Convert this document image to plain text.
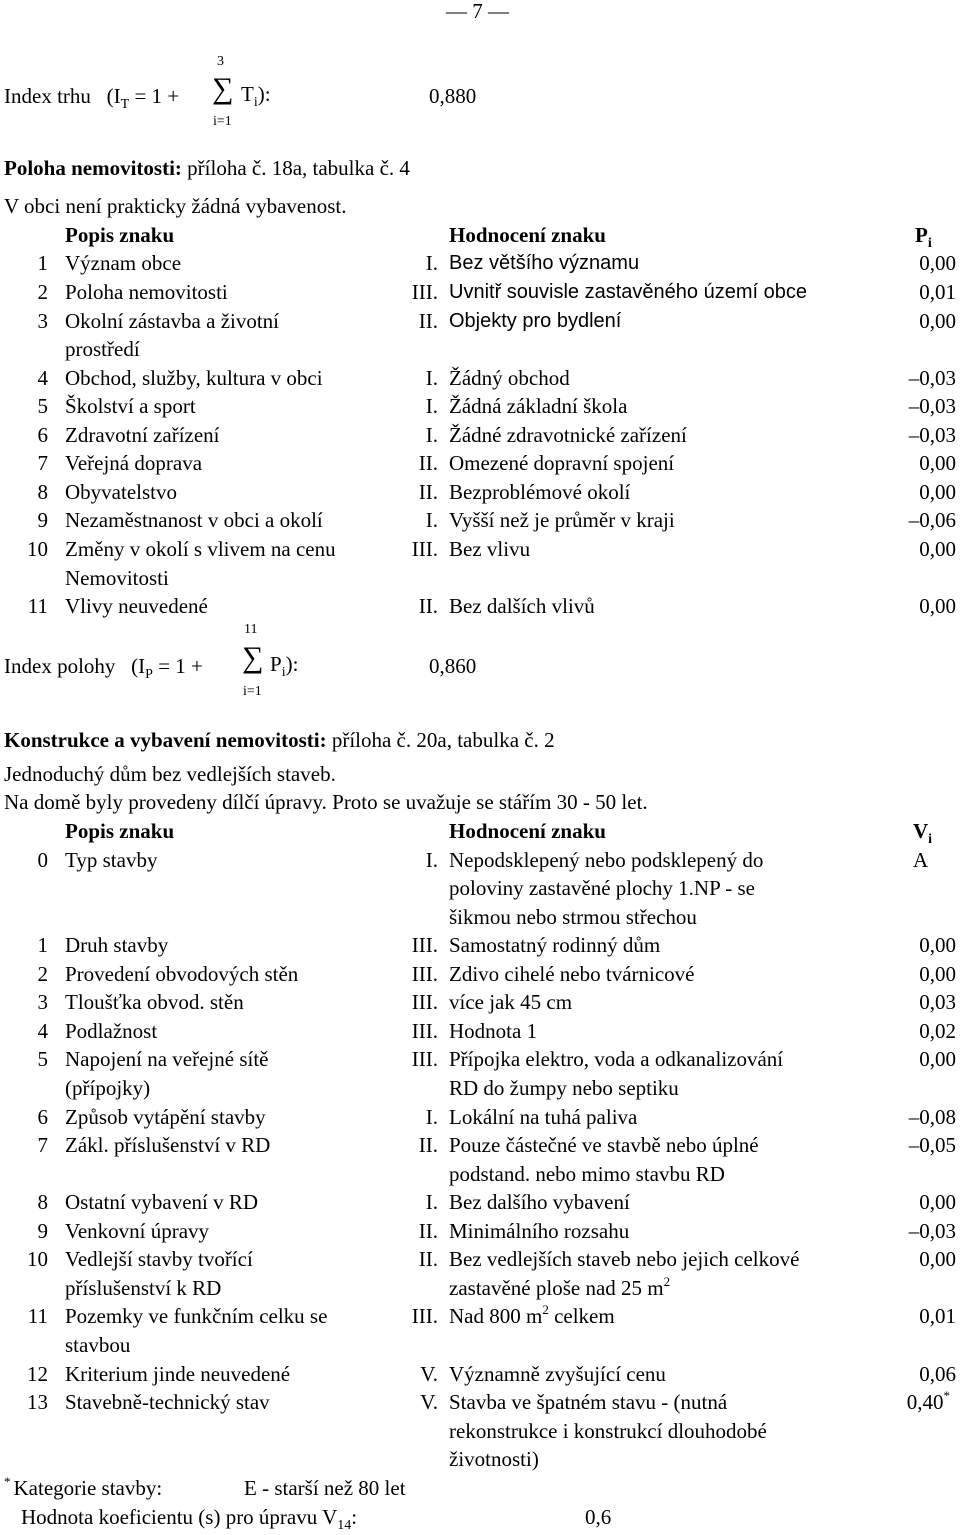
— 7 —
3
∑
i=1
Index trhu   ($I_T = 1$ +	$T_i$):	0,880
Poloha nemovitosti: příloha č. 18a, tabulka č. 4
V obci není prakticky žádná vybavenost.
Popis znaku	Hodnocení znaku	$P_i$
1 Význam obce	I. Bez většího významu	0,00
2 Poloha nemovitosti	III. Uvnitř souvisle zastavěného území obce	0,01
3 Okolní zástavba a životní	II. Objekty pro bydlení	0,00
prostředí
4 Obchod, služby, kultura v obci	I. Žádný obchod	–0,03
5 Školství a sport	I. Žádná základní škola	–0,03
6 Zdravotní zařízení	I. Žádné zdravotnické zařízení	–0,03
7 Veřejná doprava	II. Omezené dopravní spojení	0,00
8 Obyvatelstvo	II. Bezproblémové okolí	0,00
9 Nezaměstnanost v obci a okolí	I. Vyšší než je průměr v kraji	–0,06
10 Změny v okolí s vlivem na cenu	III. Bez vlivu	0,00
Nemovitosti
11 Vlivy neuvedené	II. Bez dalších vlivů	0,00
11
∑
i=1
Index polohy   ($I_P = 1$ +	$P_i$):	0,860
Konstrukce a vybavení nemovitosti: příloha č. 20a, tabulka č. 2
Jednoduchý dům bez vedlejších staveb.
Na domě byly provedeny dílčí úpravy. Proto se uvažuje se stářím 30 - 50 let.
Popis znaku	Hodnocení znaku	$V_i$
0 Typ stavby	I. Nepodsklepený nebo podsklepený do	A
poloviny zastavěné plochy 1.NP - se
šikmou nebo strmou střechou
1 Druh stavby	III. Samostatný rodinný dům	0,00
2 Provedení obvodových stěn	III. Zdivo cihelé nebo tvárnicové	0,00
3 Tloušťka obvod. stěn	III. více jak 45 cm	0,03
4 Podlažnost	III. Hodnota 1	0,02
5 Napojení na veřejné sítě	III. Přípojka elektro, voda a odkanalizování	0,00
(přípojky)	RD do žumpy nebo septiku
6 Způsob vytápění stavby	I. Lokální na tuhá paliva	–0,08
7 Zákl. příslušenství v RD	II. Pouze částečné ve stavbě nebo úplné	–0,05
podstand. nebo mimo stavbu RD
8 Ostatní vybavení v RD	I. Bez dalšího vybavení	0,00
9 Venkovní úpravy	II. Minimálního rozsahu	–0,03
10 Vedlejší stavby tvořící	II. Bez vedlejších staveb nebo jejich celkové	0,00
příslušenství k RD	zastavěné ploše nad 25 $m^2$
11 Pozemky ve funkčním celku se	III. Nad 800 $m^2$ celkem	0,01
stavbou
12 Kriterium jinde neuvedené	V. Významně zvyšující cenu	0,06
13 Stavebně-technický stav	V. Stavba ve špatném stavu - (nutná	0,40*
rekonstrukce i konstrukcí dlouhodobé
životnosti)
* Kategorie stavby:	E - starší než 80 let
Hodnota koeficientu (s) pro úpravu $V_{14}$:	0,6
